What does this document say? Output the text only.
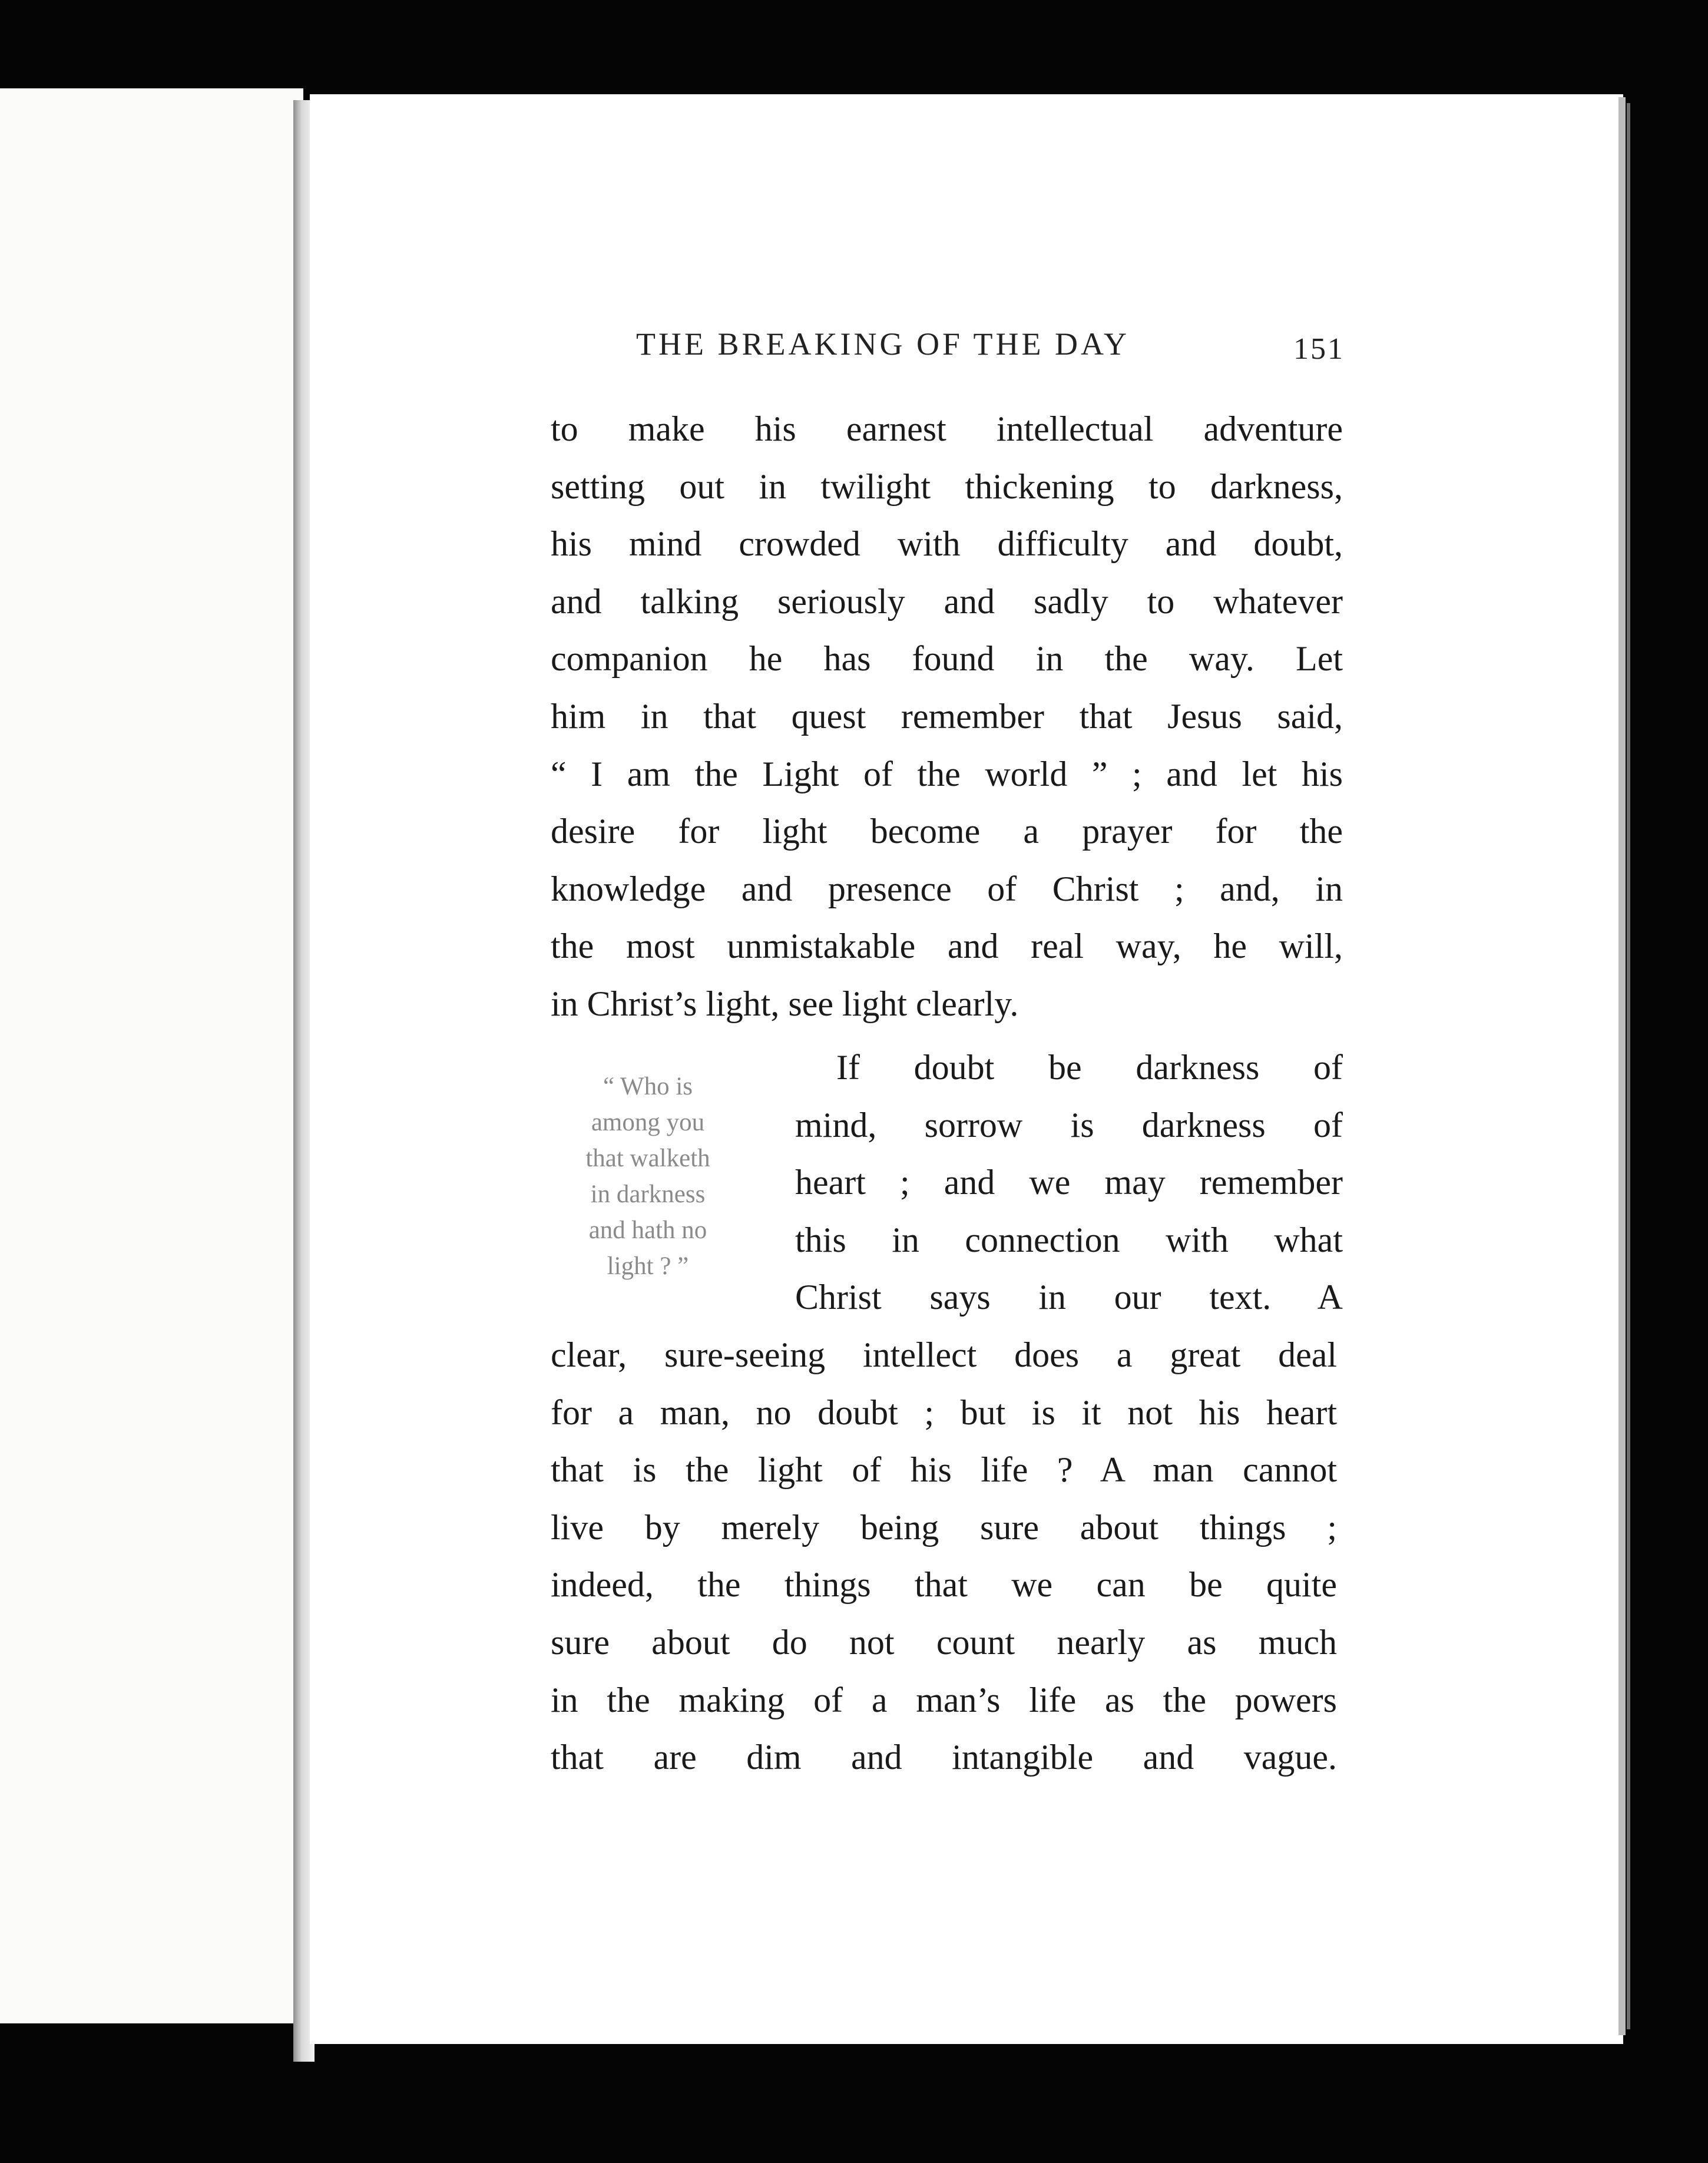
THE BREAKING OF THE DAY	151
to make his earnest intellectual adventure
setting out in twilight thickening to darkness,
his mind crowded with difficulty and doubt,
and talking seriously and sadly to whatever
companion he has found in the way. Let
him in that quest remember that Jesus said,
“ I am the Light of the world ” ; and let his
desire for light become a prayer for the
knowledge and presence of Christ ; and, in
the most unmistakable and real way, he will,
in Christ’s light, see light clearly.
“ Who is
among you
that walketh
in darkness
and hath no
light ? ”
If doubt be darkness of
mind, sorrow is darkness of
heart ; and we may remember
this in connection with what
Christ says in our text. A
clear, sure-seeing intellect does a great deal
for a man, no doubt ; but is it not his heart
that is the light of his life ? A man cannot
live by merely being sure about things ;
indeed, the things that we can be quite
sure about do not count nearly as much
in the making of a man’s life as the powers
that are dim and intangible and vague.
